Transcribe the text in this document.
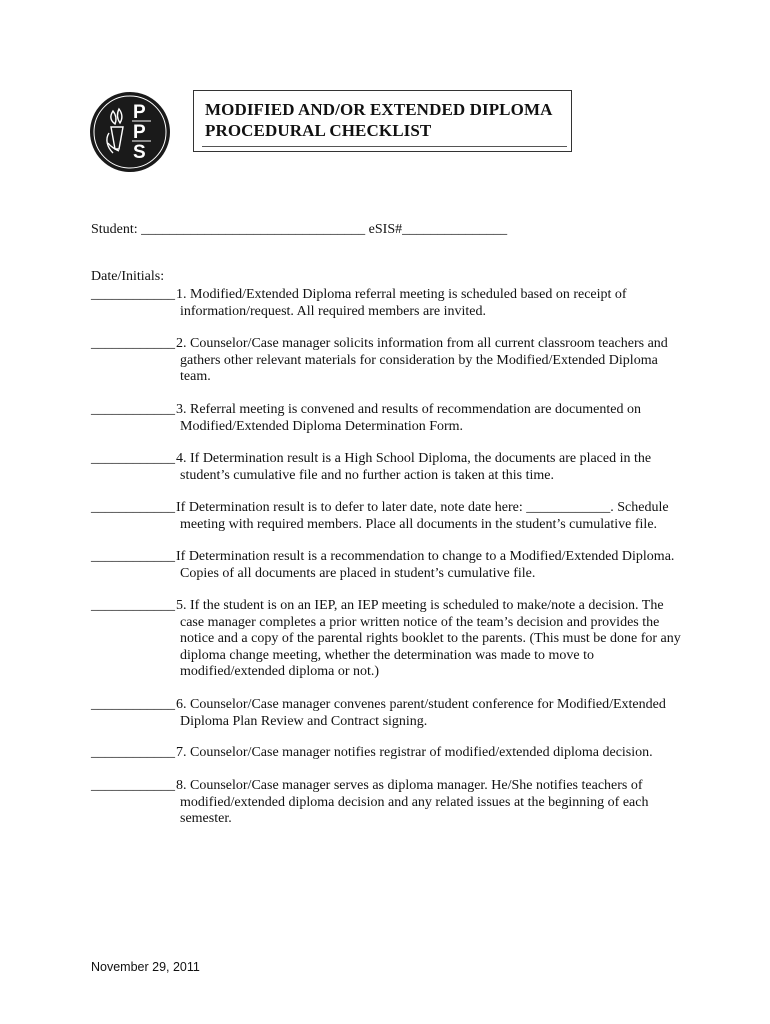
P
P
S
MODIFIED AND/OR EXTENDED DIPLOMA
PROCEDURAL CHECKLIST
Student: ________________________________ eSIS#_______________
Date/Initials:
____________ 1. Modified/Extended Diploma referral meeting is scheduled based on receipt of
information/request. All required members are invited.
____________ 2. Counselor/Case manager solicits information from all current classroom teachers and
gathers other relevant materials for consideration by the Modified/Extended Diploma
team.
____________ 3. Referral meeting is convened and results of recommendation are documented on
Modified/Extended Diploma Determination Form.
____________ 4. If Determination result is a High School Diploma, the documents are placed in the
student’s cumulative file and no further action is taken at this time.
____________ If Determination result is to defer to later date, note date here: ____________. Schedule
meeting with required members. Place all documents in the student’s cumulative file.
____________ If Determination result is a recommendation to change to a Modified/Extended Diploma.
Copies of all documents are placed in student’s cumulative file.
____________ 5. If the student is on an IEP, an IEP meeting is scheduled to make/note a decision. The
case manager completes a prior written notice of the team’s decision and provides the
notice and a copy of the parental rights booklet to the parents. (This must be done for any
diploma change meeting, whether the determination was made to move to
modified/extended diploma or not.)
____________ 6. Counselor/Case manager convenes parent/student conference for Modified/Extended
Diploma Plan Review and Contract signing.
____________ 7. Counselor/Case manager notifies registrar of modified/extended diploma decision.
____________ 8. Counselor/Case manager serves as diploma manager. He/She notifies teachers of
modified/extended diploma decision and any related issues at the beginning of each
semester.
November 29, 2011
